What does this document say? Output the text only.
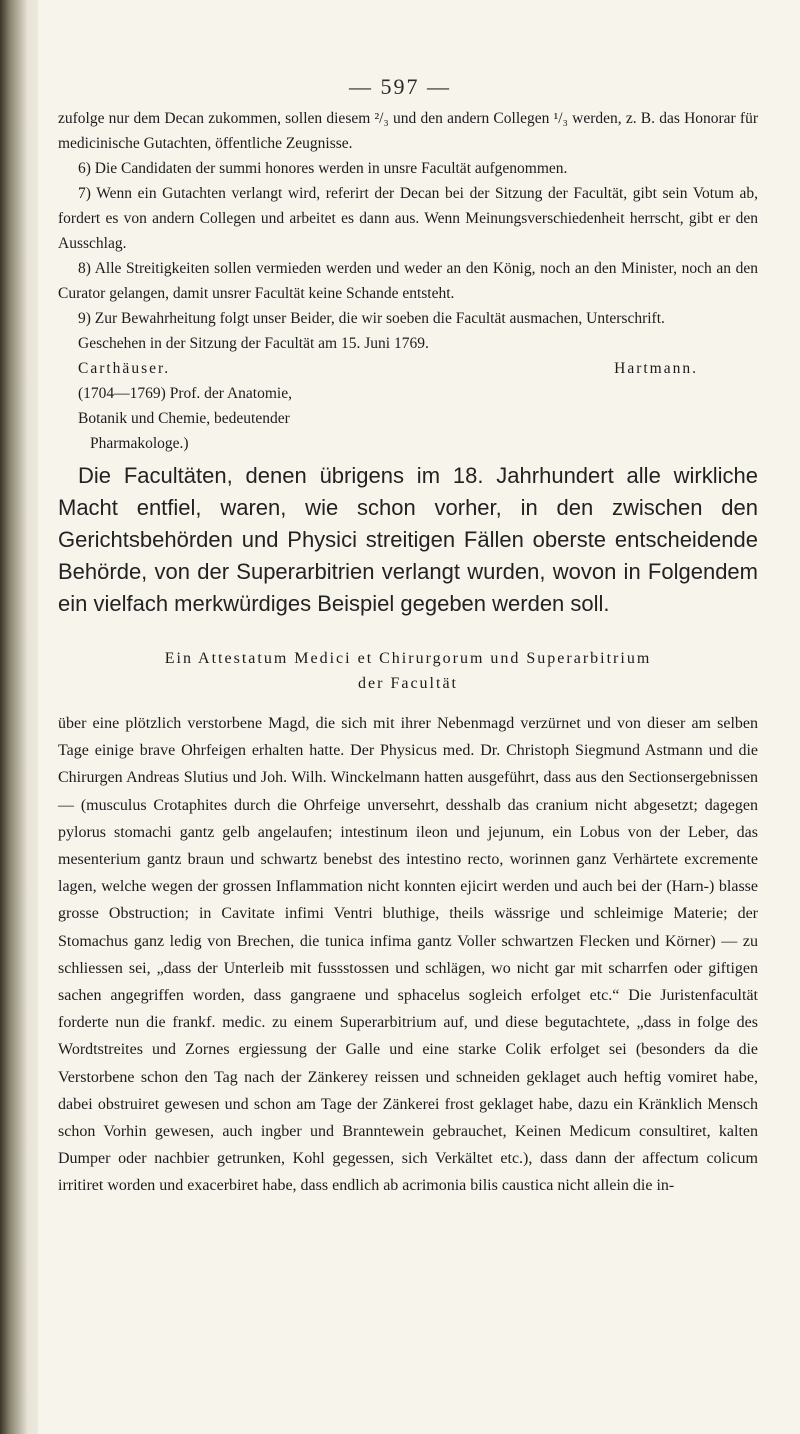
— 597 —

zufolge nur dem Decan zukommen, sollen diesem ²/₃ und den andern Collegen ¹/₃ werden, z. B. das Honorar für medicinische Gutachten, öffentliche Zeugnisse.

6) Die Candidaten der summi honores werden in unsre Facultät aufgenommen.

7) Wenn ein Gutachten verlangt wird, referirt der Decan bei der Sitzung der Facultät, gibt sein Votum ab, fordert es von andern Collegen und arbeitet es dann aus. Wenn Meinungsverschiedenheit herrscht, gibt er den Ausschlag.

8) Alle Streitigkeiten sollen vermieden werden und weder an den König, noch an den Minister, noch an den Curator gelangen, damit unsrer Facultät keine Schande entsteht.

9) Zur Bewahrheitung folgt unser Beider, die wir soeben die Facultät ausmachen, Unterschrift.

Geschehen in der Sitzung der Facultät am 15. Juni 1769.

Carthäuser.	Hartmann.

(1704—1769) Prof. der Anatomie,

Botanik und Chemie, bedeutender

Pharmakologe.)

Die Facultäten, denen übrigens im 18. Jahrhundert alle wirkliche Macht entfiel, waren, wie schon vorher, in den zwischen den Gerichtsbehörden und Physici streitigen Fällen oberste entscheidende Behörde, von der Superarbitrien verlangt wurden, wovon in Folgendem ein vielfach merkwürdiges Beispiel gegeben werden soll.

Ein Attestatum Medici et Chirurgorum und Superarbitrium
der Facultät

über eine plötzlich verstorbene Magd, die sich mit ihrer Nebenmagd verzürnet und von dieser am selben Tage einige brave Ohrfeigen erhalten hatte. Der Physicus med. Dr. Christoph Siegmund Astmann und die Chirurgen Andreas Slutius und Joh. Wilh. Winckelmann hatten ausgeführt, dass aus den Sectionsergebnissen — (musculus Crotaphites durch die Ohrfeige unversehrt, desshalb das cranium nicht abgesetzt; dagegen pylorus stomachi gantz gelb angelaufen; intestinum ileon und jejunum, ein Lobus von der Leber, das mesenterium gantz braun und schwartz benebst des intestino recto, worinnen ganz Verhärtete excremente lagen, welche wegen der grossen Inflammation nicht konnten ejicirt werden und auch bei der (Harn-) blasse grosse Obstruction; in Cavitate infimi Ventri bluthige, theils wässrige und schleimige Materie; der Stomachus ganz ledig von Brechen, die tunica infima gantz Voller schwartzen Flecken und Körner) — zu schliessen sei, „dass der Unterleib mit fussstossen und schlägen, wo nicht gar mit scharrfen oder giftigen sachen angegriffen worden, dass gangraene und sphacelus sogleich erfolget etc.“ Die Juristenfacultät forderte nun die frankf. medic. zu einem Superarbitrium auf, und diese begutachtete, „dass in folge des Wordtstreites und Zornes ergiessung der Galle und eine starke Colik erfolget sei (besonders da die Verstorbene schon den Tag nach der Zänkerey reissen und schneiden geklaget auch heftig vomiret habe, dabei obstruiret gewesen und schon am Tage der Zänkerei frost geklaget habe, dazu ein Kränklich Mensch schon Vorhin gewesen, auch ingber und Branntewein gebrauchet, Keinen Medicum consultiret, kalten Dumper oder nachbier getrunken, Kohl gegessen, sich Verkältet etc.), dass dann der affectum colicum irritiret worden und exacerbiret habe, dass endlich ab acrimonia bilis caustica nicht allein die in-
